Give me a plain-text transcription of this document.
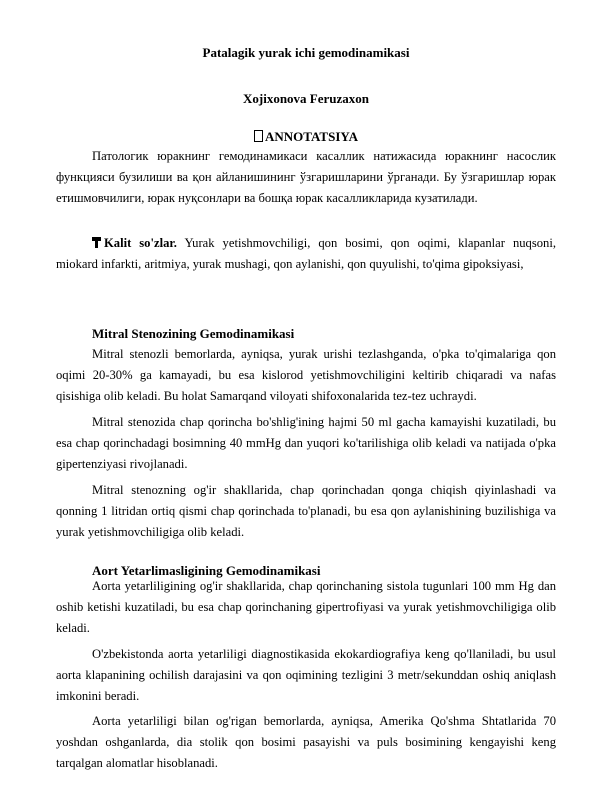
Patalagik yurak ichi gemodinamikasi
Xojixonova Feruzaxon
ANNOTATSIYA
Патологик юракнинг гемодинамикаси касаллик натижасида юракнинг насослик функцияси бузилиши ва қон айланишининг ўзгаришларини ўрганади. Бу ўзгаришлар юрак етишмовчилиги, юрак нуқсонлари ва бошқа юрак касалликларида кузатилади.
Kalit so'zlar. Yurak yetishmovchiligi, qon bosimi, qon oqimi, klapanlar nuqsoni, miokard infarkti, aritmiya, yurak mushagi, qon aylanishi, qon quyulishi, to'qima gipoksiyasi,
Mitral Stenozining Gemodinamikasi
Mitral stenozli bemorlarda, ayniqsa, yurak urishi tezlashganda, o'pka to'qimalariga qon oqimi 20-30% ga kamayadi, bu esa kislorod yetishmovchiligini keltirib chiqaradi va nafas qisishiga olib keladi. Bu holat Samarqand viloyati shifoxonalarida tez-tez uchraydi.
Mitral stenozida chap qorincha bo'shlig'ining hajmi 50 ml gacha kamayishi kuzatiladi, bu esa chap qorinchadagi bosimning 40 mmHg dan yuqori ko'tarilishiga olib keladi va natijada o'pka gipertenziyasi rivojlanadi.
Mitral stenozning og'ir shakllarida, chap qorinchadan qonga chiqish qiyinlashadi va qonning 1 litridan ortiq qismi chap qorinchada to'planadi, bu esa qon aylanishining buzilishiga va yurak yetishmovchiligiga olib keladi.
Aort Yetarlimasligining Gemodinamikasi
Aorta yetarliligining og'ir shakllarida, chap qorinchaning sistola tugunlari 100 mm Hg dan oshib ketishi kuzatiladi, bu esa chap qorinchaning gipertrofiyasi va yurak yetishmovchiligiga olib keladi.
O'zbekistonda aorta yetarliligi diagnostikasida ekokardiografiya keng qo'llaniladi, bu usul aorta klapanining ochilish darajasini va qon oqimining tezligini 3 metr/sekunddan oshiq aniqlash imkonini beradi.
Aorta yetarliligi bilan og'rigan bemorlarda, ayniqsa, Amerika Qo'shma Shtatlarida 70 yoshdan oshganlarda, dia stolik qon bosimi pasayishi va puls bosimining kengayishi keng tarqalgan alomatlar hisoblanadi.
